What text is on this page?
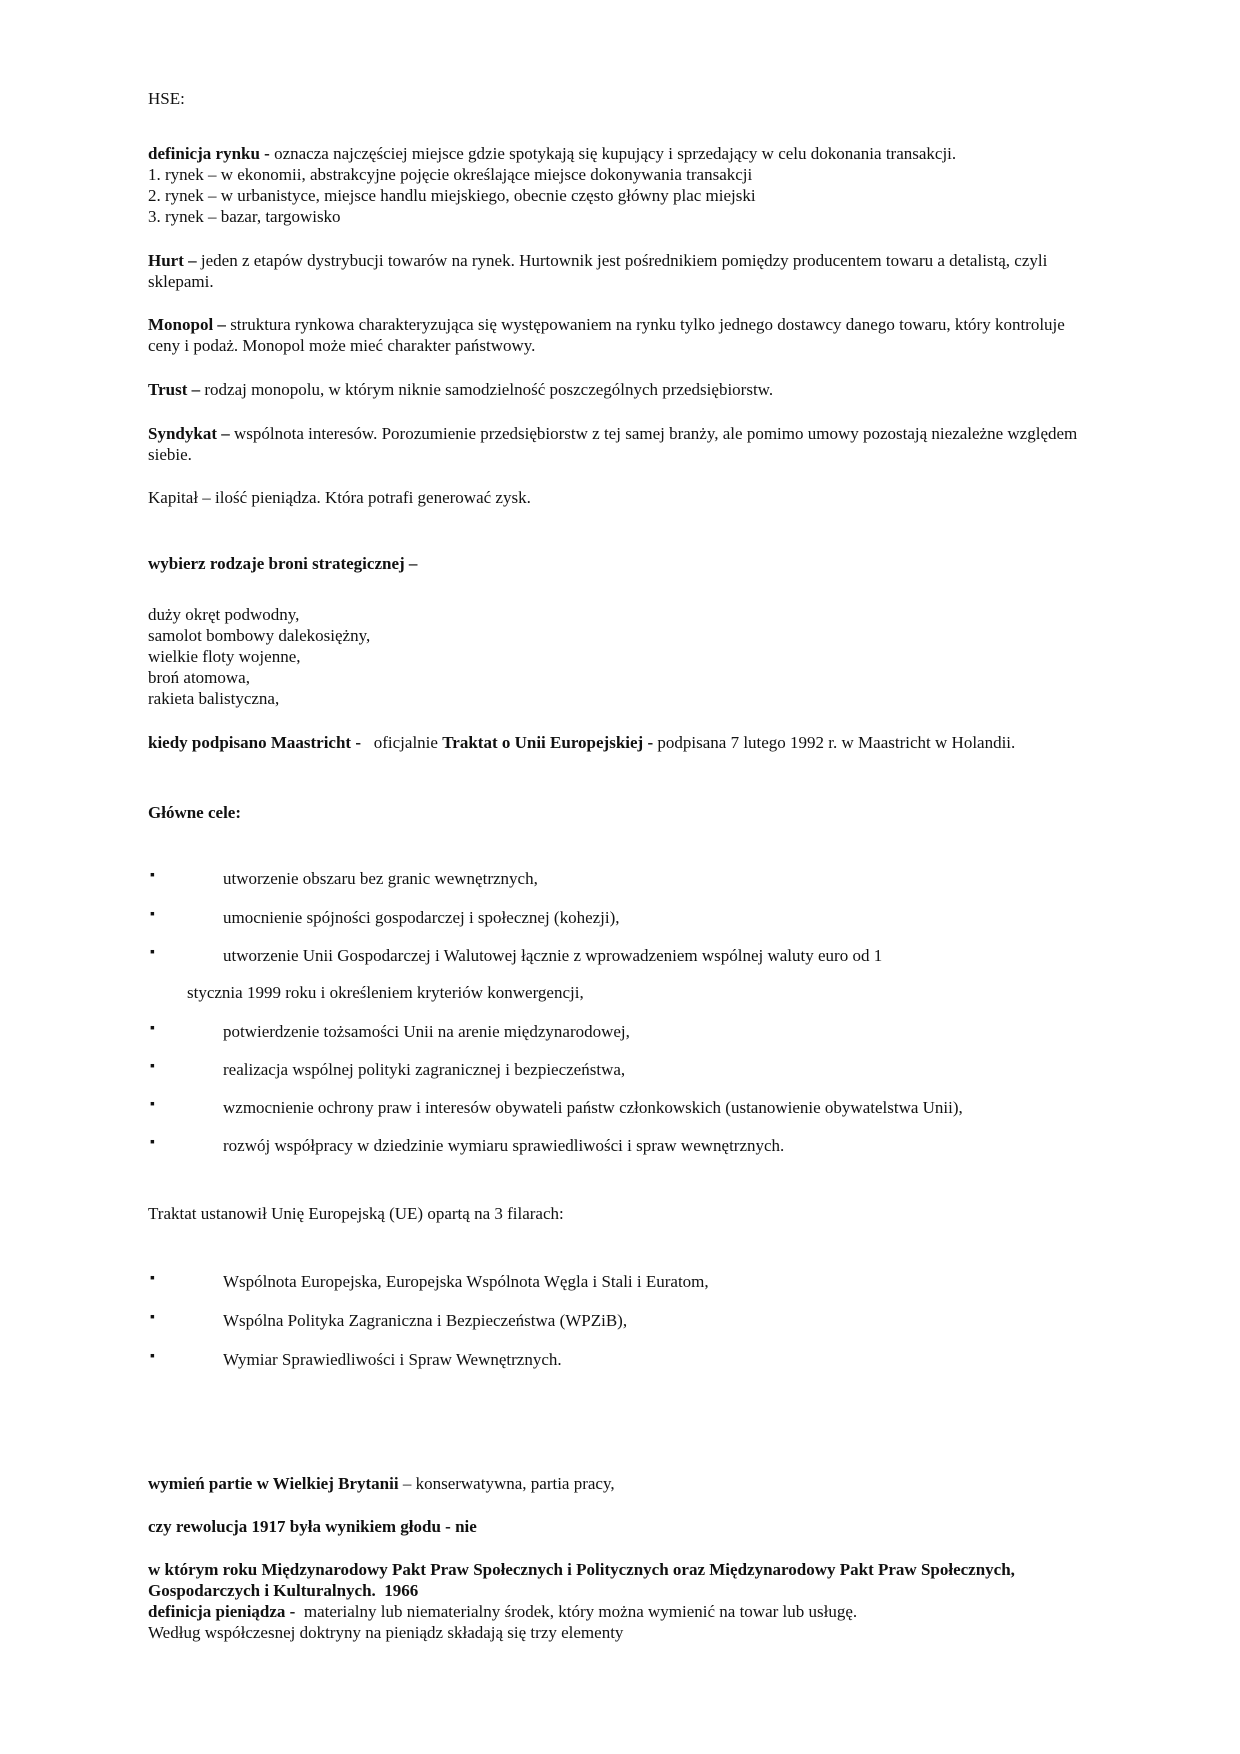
HSE:

definicja rynku - oznacza najczęściej miejsce gdzie spotykają się kupujący i sprzedający w celu dokonania transakcji.

1. rynek – w ekonomii, abstrakcyjne pojęcie określające miejsce dokonywania transakcji

2. rynek – w urbanistyce, miejsce handlu miejskiego, obecnie często główny plac miejski

3. rynek – bazar, targowisko

Hurt – jeden z etapów dystrybucji towarów na rynek. Hurtownik jest pośrednikiem pomiędzy producentem towaru a detalistą, czyli sklepami.

Monopol – struktura rynkowa charakteryzująca się występowaniem na rynku tylko jednego dostawcy danego towaru, który kontroluje ceny i podaż. Monopol może mieć charakter państwowy.

Trust – rodzaj monopolu, w którym niknie samodzielność poszczególnych przedsiębiorstw.

Syndykat – wspólnota interesów. Porozumienie przedsiębiorstw z tej samej branży, ale pomimo umowy pozostają niezależne względem siebie.

Kapitał – ilość pieniądza. Która potrafi generować zysk.

wybierz rodzaje broni strategicznej –

duży okręt podwodny,

samolot bombowy dalekosiężny,

wielkie floty wojenne,

broń atomowa,

rakieta balistyczna,

kiedy podpisano Maastricht -   oficjalnie Traktat o Unii Europejskiej - podpisana 7 lutego 1992 r. w Maastricht w Holandii.

Główne cele:

▪	utworzenie obszaru bez granic wewnętrznych,

▪	umocnienie spójności gospodarczej i społecznej (kohezji),

▪	utworzenie Unii Gospodarczej i Walutowej łącznie z wprowadzeniem wspólnej waluty euro od 1

stycznia 1999 roku i określeniem kryteriów konwergencji,

▪	potwierdzenie tożsamości Unii na arenie międzynarodowej,

▪	realizacja wspólnej polityki zagranicznej i bezpieczeństwa,

▪	wzmocnienie ochrony praw i interesów obywateli państw członkowskich (ustanowienie obywatelstwa Unii),

▪	rozwój współpracy w dziedzinie wymiaru sprawiedliwości i spraw wewnętrznych.

Traktat ustanowił Unię Europejską (UE) opartą na 3 filarach:

▪	Wspólnota Europejska, Europejska Wspólnota Węgla i Stali i Euratom,

▪	Wspólna Polityka Zagraniczna i Bezpieczeństwa (WPZiB),

▪	Wymiar Sprawiedliwości i Spraw Wewnętrznych.

wymień partie w Wielkiej Brytanii – konserwatywna, partia pracy,

czy rewolucja 1917 była wynikiem głodu - nie

w którym roku Międzynarodowy Pakt Praw Społecznych i Politycznych oraz Międzynarodowy Pakt Praw Społecznych, Gospodarczych i Kulturalnych.  1966

definicja pieniądza -  materialny lub niematerialny środek, który można wymienić na towar lub usługę.

Według współczesnej doktryny na pieniądz składają się trzy elementy
